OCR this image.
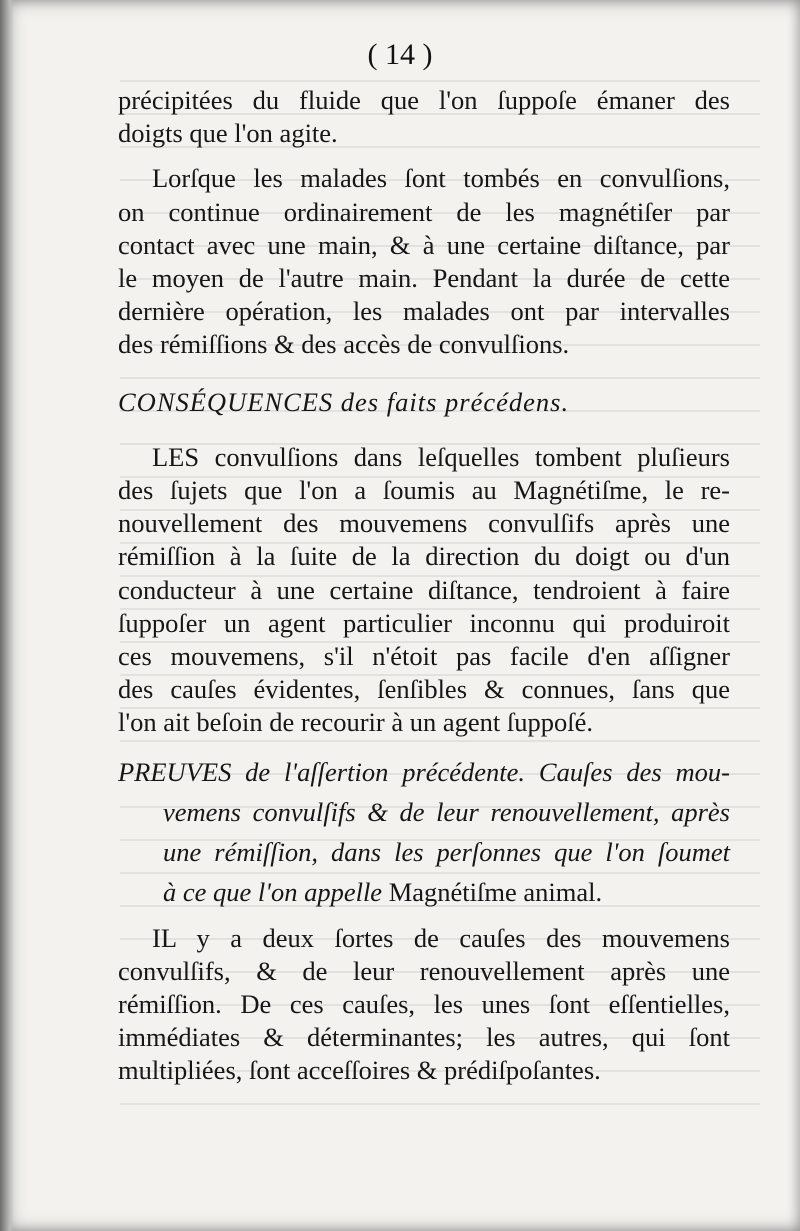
( 14 )
précipitées du fluide que l'on ſuppoſe émaner des
doigts que l'on agite.
Lorſque les malades ſont tombés en convulſions,
on continue ordinairement de les magnétiſer par
contact avec une main, & à une certaine diſtance, par
le moyen de l'autre main. Pendant la durée de cette
dernière opération, les malades ont par intervalles
des rémiſſions & des accès de convulſions.
CONSÉQUENCES des faits précédens.
LES convulſions dans leſquelles tombent pluſieurs
des ſujets que l'on a ſoumis au Magnétiſme, le re-
nouvellement des mouvemens convulſifs après une
rémiſſion à la ſuite de la direction du doigt ou d'un
conducteur à une certaine diſtance, tendroient à faire
ſuppoſer un agent particulier inconnu qui produiroit
ces mouvemens, s'il n'étoit pas facile d'en aſſigner
des cauſes évidentes, ſenſibles & connues, ſans que
l'on ait beſoin de recourir à un agent ſuppoſé.
PREUVES de l'aſſertion précédente. Cauſes des mou-
vemens convulſifs & de leur renouvellement, après
une rémiſſion, dans les perſonnes que l'on ſoumet
à ce que l'on appelle Magnétiſme animal.
IL y a deux ſortes de cauſes des mouvemens
convulſifs, & de leur renouvellement après une
rémiſſion. De ces cauſes, les unes ſont eſſentielles,
immédiates & déterminantes; les autres, qui ſont
multipliées, ſont acceſſoires & prédiſpoſantes.
